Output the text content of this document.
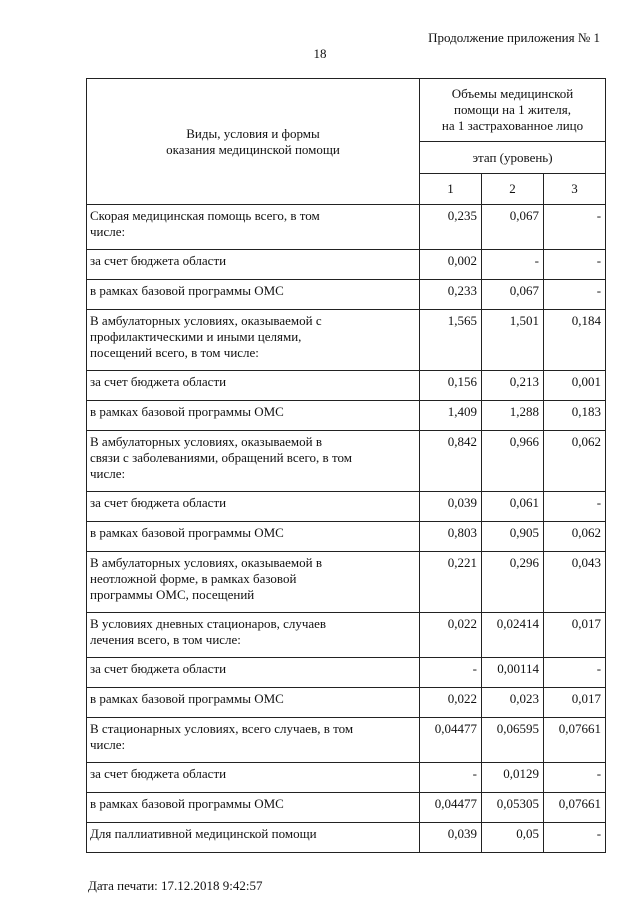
Продолжение приложения № 1
18
Виды, условия и формы
оказания медицинской помощи	Объемы медицинской
помощи на 1 жителя,
на 1 застрахованное лицо		

	этап (уровень)		
	1	2	3

Скорая медицинская помощь всего, в том
числе:	0,235	0,067	-

за счет бюджета области	0,002	-	-

в рамках базовой программы ОМС	0,233	0,067	-

В амбулаторных условиях, оказываемой с
профилактическими и иными целями,
посещений всего, в том числе:	1,565	1,501	0,184

за счет бюджета области	0,156	0,213	0,001

в рамках базовой программы ОМС	1,409	1,288	0,183

В амбулаторных условиях, оказываемой в
связи с заболеваниями, обращений всего, в том
числе:	0,842	0,966	0,062

за счет бюджета области	0,039	0,061	-

в рамках базовой программы ОМС	0,803	0,905	0,062

В амбулаторных условиях, оказываемой в
неотложной форме, в рамках базовой
программы ОМС, посещений	0,221	0,296	0,043

В условиях дневных стационаров, случаев
лечения всего, в том числе:	0,022	0,02414	0,017

за счет бюджета области	-	0,00114	-

в рамках базовой программы ОМС	0,022	0,023	0,017

В стационарных условиях, всего случаев, в том
числе:	0,04477	0,06595	0,07661

за счет бюджета области	-	0,0129	-

в рамках базовой программы ОМС	0,04477	0,05305	0,07661

Для паллиативной медицинской помощи	0,039	0,05	-
Дата печати: 17.12.2018 9:42:57
